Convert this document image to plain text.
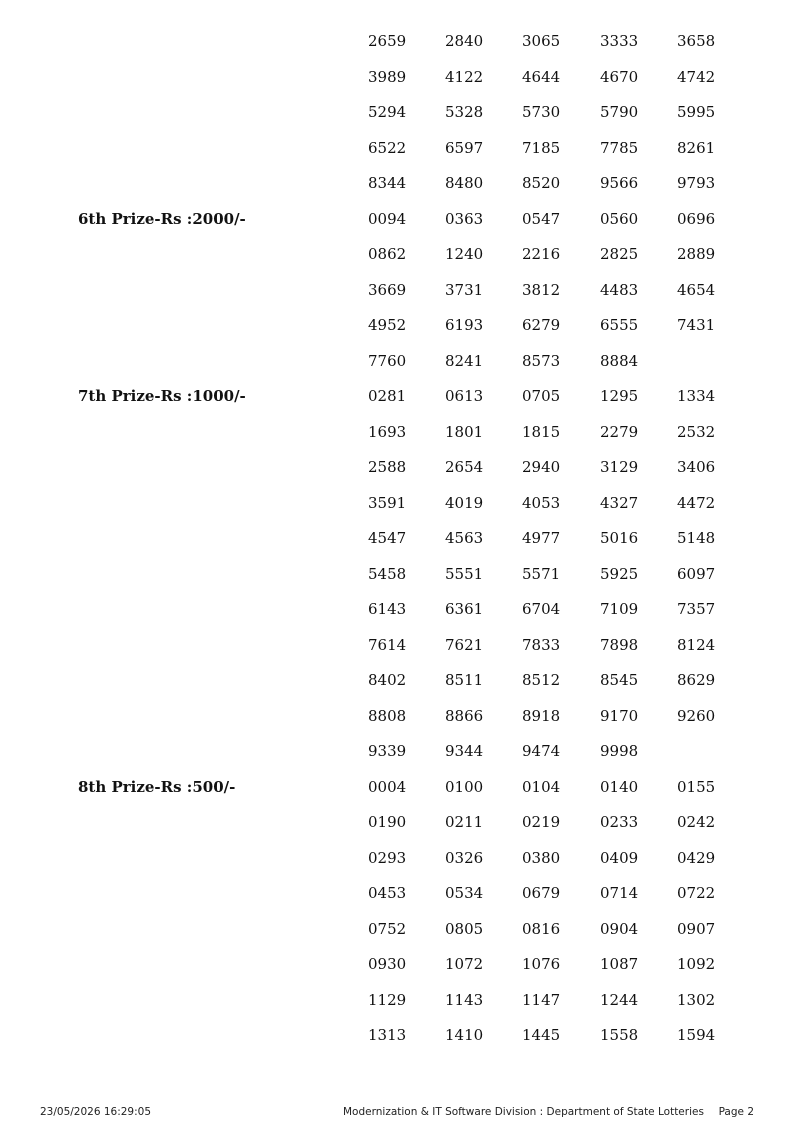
2659	2840	3065	3333	3658
3989	4122	4644	4670	4742
5294	5328	5730	5790	5995
6522	6597	7185	7785	8261
8344	8480	8520	9566	9793
6th Prize-Rs :2000/-	0094	0363	0547	0560	0696
0862	1240	2216	2825	2889
3669	3731	3812	4483	4654
4952	6193	6279	6555	7431
7760	8241	8573	8884
7th Prize-Rs :1000/-	0281	0613	0705	1295	1334
1693	1801	1815	2279	2532
2588	2654	2940	3129	3406
3591	4019	4053	4327	4472
4547	4563	4977	5016	5148
5458	5551	5571	5925	6097
6143	6361	6704	7109	7357
7614	7621	7833	7898	8124
8402	8511	8512	8545	8629
8808	8866	8918	9170	9260
9339	9344	9474	9998
8th Prize-Rs :500/-	0004	0100	0104	0140	0155
0190	0211	0219	0233	0242
0293	0326	0380	0409	0429
0453	0534	0679	0714	0722
0752	0805	0816	0904	0907
0930	1072	1076	1087	1092
1129	1143	1147	1244	1302
1313	1410	1445	1558	1594
23/05/2026 16:29:05	Modernization & IT Software Division : Department of State Lotteries Page 2
